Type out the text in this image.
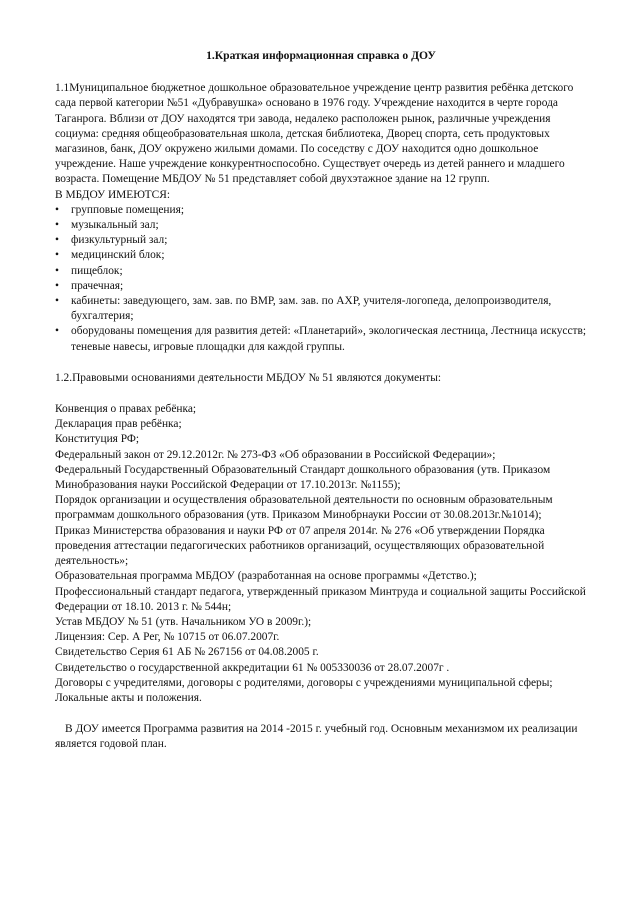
1.Краткая информационная справка о ДОУ

1.1Муниципальное бюджетное дошкольное образовательное учреждение центр развития ребёнка детского сада первой категории №51 «Дубравушка» основано в 1976 году. Учреждение находится в черте города Таганрога. Вблизи от ДОУ находятся три завода, недалеко расположен рынок, различные учреждения социума: средняя общеобразовательная школа, детская библиотека, Дворец спорта, сеть продуктовых магазинов, банк, ДОУ окружено жилыми домами. По соседству с ДОУ находится одно дошкольное учреждение. Наше учреждение конкурентноспособно. Существует очередь из детей раннего и младшего возраста. Помещение МБДОУ № 51 представляет собой двухэтажное здание на 12 групп.

В МБДОУ ИМЕЮТСЯ:

• групповые помещения;
• музыкальный зал;
• физкультурный зал;
• медицинский блок;
• пищеблок;
• прачечная;
• кабинеты: заведующего, зам. зав. по ВМР, зам. зав. по АХР, учителя-логопеда, делопроизводителя, бухгалтерия;
• оборудованы помещения для развития детей: «Планетарий», экологическая лестница, Лестница искусств; теневые навесы, игровые площадки для каждой группы.

1.2.Правовыми основаниями деятельности МБДОУ № 51 являются документы:

Конвенция о правах ребёнка;

Декларация прав ребёнка;

Конституция РФ;

Федеральный закон от 29.12.2012г. № 273-ФЗ «Об образовании в Российской Федерации»;

Федеральный Государственный Образовательный Стандарт дошкольного образования (утв. Приказом Минобразования науки Российской Федерации от 17.10.2013г. №1155);

Порядок организации и осуществления образовательной деятельности по основным образовательным программам дошкольного образования (утв. Приказом Минобрнауки России от 30.08.2013г.№1014);

Приказ Министерства образования и науки РФ от 07 апреля 2014г. № 276 «Об утверждении Порядка проведения аттестации педагогических работников организаций, осуществляющих образовательной деятельность»;

Образовательная программа МБДОУ (разработанная на основе программы «Детство.);

Профессиональный стандарт педагога, утвержденный приказом Минтруда и социальной защиты Российской Федерации от 18.10. 2013 г. № 544н;

Устав МБДОУ № 51 (утв. Начальником УО в 2009г.);

Лицензия: Сер. А Рег, № 10715 от 06.07.2007г.

Свидетельство Серия 61 АБ № 267156 от 04.08.2005 г.

Свидетельство о государственной аккредитации 61 № 005330036 от 28.07.2007г .

Договоры с учредителями, договоры с родителями, договоры с учреждениями муниципальной сферы;

Локальные акты и положения.

В ДОУ имеется Программа развития на 2014 -2015 г. учебный год. Основным механизмом их реализации является годовой план.
